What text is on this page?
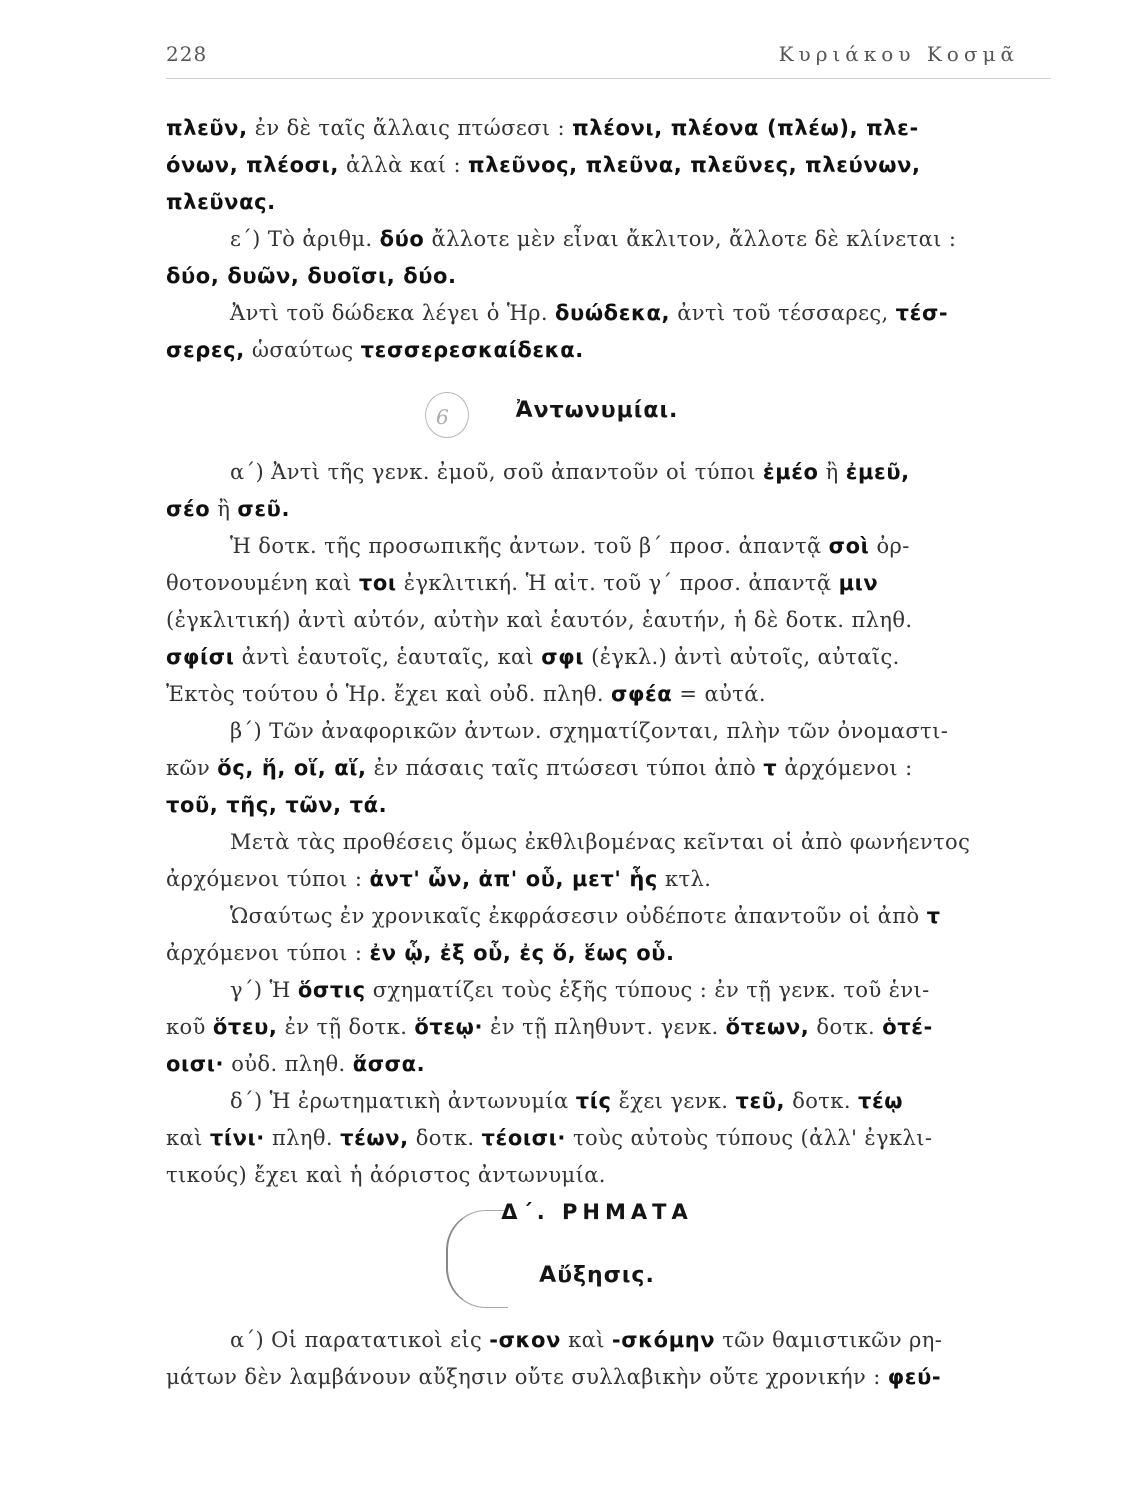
228	Κυριάκου Κοσμᾶ
πλεῦν, ἐν δὲ ταῖς ἄλλαις πτώσεσι : πλέονι, πλέονα (πλέω), πλε-
όνων, πλέοσι, ἀλλὰ καί : πλεῦνος, πλεῦνα, πλεῦνες, πλεύνων,
πλεῦνας.
ε΄) Τὸ ἀριθμ. δύο ἄλλοτε μὲν εἶναι ἄκλιτον, ἄλλοτε δὲ κλίνεται :
δύο, δυῶν, δυοῖσι, δύο.
Ἀντὶ τοῦ δώδεκα λέγει ὁ Ἡρ. δυώδεκα, ἀντὶ τοῦ τέσσαρες, τέσ-
σερες, ὡσαύτως τεσσερεσκαίδεκα.
6	Ἀντωνυμίαι.
α΄) Ἀντὶ τῆς γενκ. ἐμοῦ, σοῦ ἀπαντοῦν οἱ τύποι ἐμέο ἢ ἐμεῦ,
σέο ἢ σεῦ.
Ἡ δοτκ. τῆς προσωπικῆς ἀντων. τοῦ β΄ προσ. ἀπαντᾷ σοὶ ὀρ-
θοτονουμένη καὶ τοι ἐγκλιτική. Ἡ αἰτ. τοῦ γ΄ προσ. ἀπαντᾷ μιν
(ἐγκλιτική) ἀντὶ αὐτόν, αὐτὴν καὶ ἑαυτόν, ἑαυτήν, ἡ δὲ δοτκ. πληθ.
σφίσι ἀντὶ ἑαυτοῖς, ἑαυταῖς, καὶ σφι (ἐγκλ.) ἀντὶ αὐτοῖς, αὐταῖς.
Ἐκτὸς τούτου ὁ Ἡρ. ἔχει καὶ οὐδ. πληθ. σφέα = αὐτά.
β΄) Τῶν ἀναφορικῶν ἀντων. σχηματίζονται, πλὴν τῶν ὀνομαστι-
κῶν ὅς, ἥ, οἵ, αἵ, ἐν πάσαις ταῖς πτώσεσι τύποι ἀπὸ τ ἀρχόμενοι :
τοῦ, τῆς, τῶν, τά.
Μετὰ τὰς προθέσεις ὅμως ἐκθλιβομένας κεῖνται οἱ ἀπὸ φωνήεντος
ἀρχόμενοι τύποι : ἀντ' ὧν, ἀπ' οὗ, μετ' ἧς κτλ.
Ὡσαύτως ἐν χρονικαῖς ἐκφράσεσιν οὐδέποτε ἀπαντοῦν οἱ ἀπὸ τ
ἀρχόμενοι τύποι : ἐν ᾧ, ἐξ οὗ, ἐς ὅ, ἕως οὗ.
γ΄) Ἡ ὅστις σχηματίζει τοὺς ἑξῆς τύπους : ἐν τῇ γενκ. τοῦ ἑνι-
κοῦ ὅτευ, ἐν τῇ δοτκ. ὅτεῳ· ἐν τῇ πληθυντ. γενκ. ὅτεων, δοτκ. ὁτέ-
οισι· οὐδ. πληθ. ἅσσα.
δ΄) Ἡ ἐρωτηματικὴ ἀντωνυμία τίς ἔχει γενκ. τεῦ, δοτκ. τέῳ
καὶ τίνι· πληθ. τέων, δοτκ. τέοισι· τοὺς αὐτοὺς τύπους (ἀλλ' ἐγκλι-
τικούς) ἔχει καὶ ἡ ἀόριστος ἀντωνυμία.
Δ΄. ΡΗΜΑΤΑ
Αὔξησις.
α΄) Οἱ παρατατικοὶ εἰς -σκον καὶ -σκόμην τῶν θαμιστικῶν ρη-
μάτων δὲν λαμβάνουν αὔξησιν οὔτε συλλαβικὴν οὔτε χρονικήν : φεύ-
